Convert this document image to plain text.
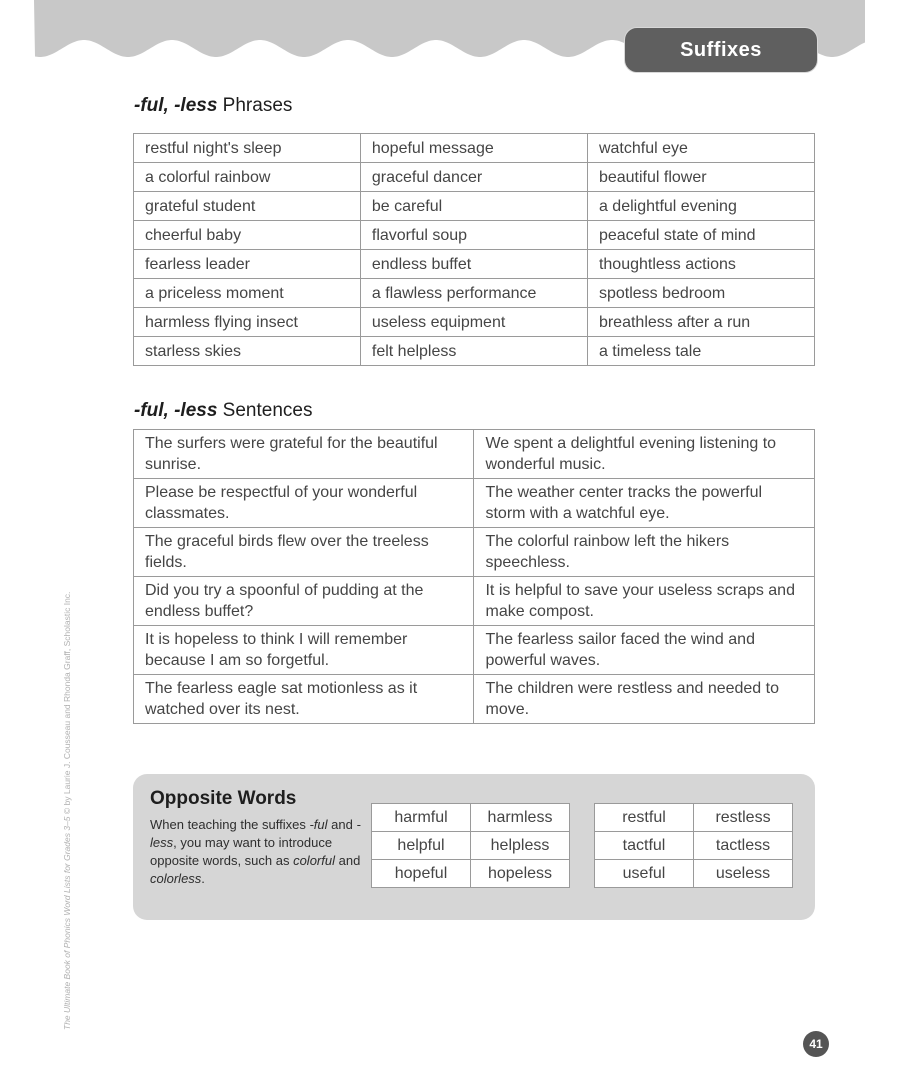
Suffixes
-ful, -less Phrases
restful night's sleep	hopeful message	watchful eye
a colorful rainbow	graceful dancer	beautiful flower
grateful student	be careful	a delightful evening
cheerful baby	flavorful soup	peaceful state of mind
fearless leader	endless buffet	thoughtless actions
a priceless moment	a flawless performance	spotless bedroom
harmless flying insect	useless equipment	breathless after a run
starless skies	felt helpless	a timeless tale
-ful, -less Sentences
The surfers were grateful for the beautiful sunrise.	We spent a delightful evening listening to wonderful music.
Please be respectful of your wonderful classmates.	The weather center tracks the powerful storm with a watchful eye.
The graceful birds flew over the treeless fields.	The colorful rainbow left the hikers speechless.
Did you try a spoonful of pudding at the endless buffet?	It is helpful to save your useless scraps and make compost.
It is hopeless to think I will remember because I am so forgetful.	The fearless sailor faced the wind and powerful waves.
The fearless eagle sat motionless as it watched over its nest.	The children were restless and needed to move.
Opposite Words
When teaching the suffixes -ful and -less, you may want to introduce opposite words, such as colorful and colorless.
harmful	harmless
helpful	helpless
hopeful	hopeless
restful	restless
tactful	tactless
useful	useless
The Ultimate Book of Phonics Word Lists for Grades 3–5 © by Laurie J. Cousseau and Rhonda Graff, Scholastic Inc.
41
